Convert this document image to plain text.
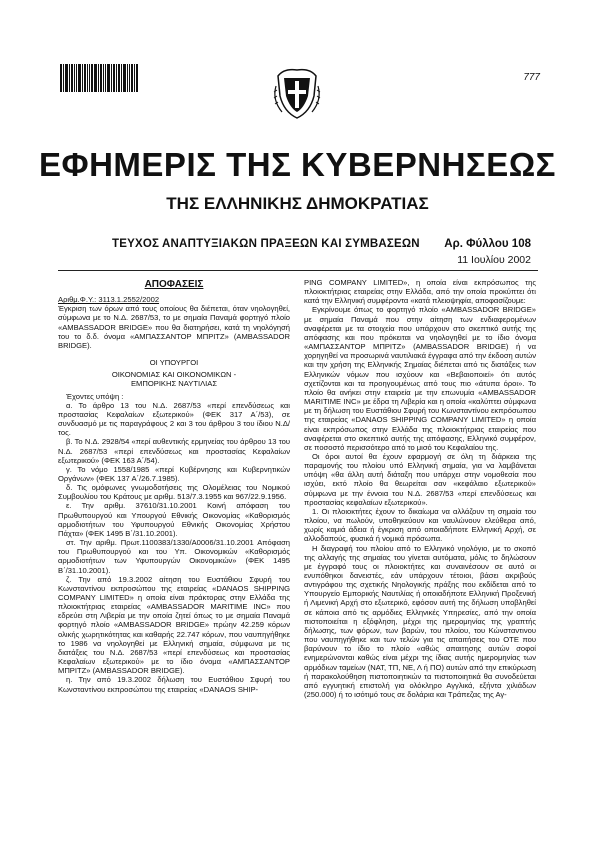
777
ΕΦΗΜΕΡΙΣ ΤΗΣ ΚΥΒΕΡΝΗΣΕΩΣ
ΤΗΣ ΕΛΛΗΝΙΚΗΣ ΔΗΜΟΚΡΑΤΙΑΣ
ΤΕΥΧΟΣ ΑΝΑΠΤΥΞΙΑΚΩΝ ΠΡΑΞΕΩΝ ΚΑΙ ΣΥΜΒΑΣΕΩΝ Αρ. Φύλλου 108
11 Ιουλίου 2002

ΑΠΟΦΑΣΕΙΣ

Αριθμ.Φ.Υ.: 3113.1.2552/2002

Έγκριση των όρων από τους οποίους θα διέπεται, όταν νηολογηθεί, σύμφωνα με το Ν.Δ. 2687/53, το με σημαία Παναμά φορτηγό πλοίο «AMBASSADOR BRIDGE» που θα διατηρήσει, κατά τη νηολόγησή του το δ.δ. όνομα «ΑΜΠΑΣΣΑΝΤΟΡ ΜΠΡΙΤΖ» (AMBASSADOR BRIDGE).

ΟΙ ΥΠΟΥΡΓΟΙ

ΟΙΚΟΝΟΜΙΑΣ ΚΑΙ ΟΙΚΟΝΟΜΙΚΩΝ -

ΕΜΠΟΡΙΚΗΣ ΝΑΥΤΙΛΙΑΣ

Έχοντες υπόψη :

α. Το άρθρο 13 του Ν.Δ. 2687/53 «περί επενδύσεως και προστασίας Κεφαλαίων εξωτερικού» (ΦΕΚ 317 Α΄/53), σε συνδυασμό με τις παραγράφους 2 και 3 του άρθρου 3 του ίδιου Ν.Δ/τος.

β. Το Ν.Δ. 2928/54 «περί αυθεντικής ερμηνείας του άρθρου 13 του Ν.Δ. 2687/53 «περί επενδύσεως και προστασίας Κεφαλαίων εξωτερικού» (ΦΕΚ 163 Α΄/54).

γ. Το νόμο 1558/1985 «περί Κυβέρνησης και Κυβερνητικών Οργάνων» (ΦΕΚ 137 Α΄/26.7.1985).

δ. Τις ομόφωνες γνωμοδοτήσεις της Ολομέλειας του Νομικού Συμβουλίου του Κράτους με αριθμ. 513/7.3.1955 και 967/22.9.1956.

ε. Την αριθμ. 37610/31.10.2001 Κοινή απόφαση του Πρωθυπουργού και Υπουργού Εθνικής Οικονομίας «Καθορισμός αρμοδιοτήτων του Υφυπουργού Εθνικής Οικονομίας Χρήστου Πάχτα» (ΦΕΚ 1495 Β΄/31.10.2001).

στ. Την αριθμ. Πρωτ.1100383/1330/Α0006/31.10.2001 Απόφαση του Πρωθυπουργού και του Υπ. Οικονομικών «Καθορισμός αρμοδιοτήτων των Υφυπουργών Οικονομικών» (ΦΕΚ 1495 Β΄/31.10.2001).

ζ. Την από 19.3.2002 αίτηση του Ευστάθιου Σφυρή του Κωνσταντίνου εκπροσώπου της εταιρείας «DANAOS SHIPPING COMPANY LIMITED» η οποία είναι πράκτορας στην Ελλάδα της πλοιοκτήτριας εταιρείας «AMBASSADOR MARITIME INC» που εδρεύει στη Λιβερία με την οποία ζητεί όπως το με σημαία Παναμά φορτηγό πλοίο «AMBASSADOR BRIDGE» πρώην 42.259 κόρων ολικής χωρητικότητας και καθαρής 22.747 κόρων, που ναυπηγήθηκε το 1986 να νηολογηθεί με Ελληνική σημαία, σύμφωνα με τις διατάξεις του Ν.Δ. 2687/53 «περί επενδύσεως και προστασίας Κεφαλαίων εξωτερικού» με το ίδιο όνομα «ΑΜΠΑΣΣΑΝΤΟΡ ΜΠΡΙΤΖ» (AMBASSADOR BRIDGE).

η. Την από 19.3.2002 δήλωση του Ευστάθιου Σφυρή του Κωνσταντίνου εκπροσώπου της εταιρείας «DANAOS SHIP-

PING COMPANY LIMITED», η οποία είναι εκπρόσωπος της πλοιοκτήτριας εταιρείας στην Ελλάδα, από την οποία προκύπτει ότι κατά την Ελληνική συμφέροντα «κατά πλειοψηφία, αποφασίζουμε:

Εγκρίνουμε όπως το φορτηγό πλοίο «AMBASSADOR BRIDGE» με σημαία Παναμά που στην αίτηση των ενδιαφερομένων αναφέρεται με τα στοιχεία που υπάρχουν στο σκεπτικό αυτής της απόφασης και που πρόκειται να νηολογηθεί με το ίδιο όνομα «ΑΜΠΑΣΣΑΝΤΟΡ ΜΠΡΙΤΖ» (AMBASSADOR BRIDGE) ή να χορηγηθεί να προσωρινά ναυτιλιακά έγγραφα από την έκδοση αυτών και την χρήση της Ελληνικής Σημαίας διέπεται από τις διατάξεις των Ελληνικών νόμων που ισχύουν και «Βεβαιοποιεί» ότι αυτός σχετίζονται και τα προηγουμένως από τους πιο «άτυπα όροι». Το πλοίο θα ανήκει στην εταιρεία με την επωνυμία «AMBASSADOR MARITIME INC» με έδρα τη Λιβερία και η οποία «καλύπτει σύμφωνα με τη δήλωση του Ευστάθιου Σφυρή του Κωνσταντίνου εκπρόσωπου της εταιρείας «DANAOS SHIPPING COMPANY LIMITED» η οποία είναι εκπρόσωπος στην Ελλάδα της πλοιοκτήτριας εταιρείας που αναφέρεται στο σκεπτικό αυτής της απόφασης, Ελληνικό συμφέρον, σε ποσοστό περισσότερο από το μισό του Κεφαλαίου της.

Οι όροι αυτοί θα έχουν εφαρμογή σε όλη τη διάρκεια της παραμονής του πλοίου υπό Ελληνική σημαία, για να λαμβάνεται υπόψη «θα άλλη αυτή διάταξη που υπάρχει στην νομοθεσία που ισχύει, εκτό πλοίο θα θεωρείται σαν «κεφάλαιο εξωτερικού» σύμφωνα με την έννοια του Ν.Δ. 2687/53 «περί επενδύσεως και προστασίας κεφαλαίων εξωτερικού».

1. Οι πλοιοκτήτες έχουν το δικαίωμα να αλλάζουν τη σημαία του πλοίου, να πωλούν, υποθηκεύουν και ναυλώνουν ελεύθερα από, χωρίς καμιά άδεια ή έγκριση από οποιαδήποτε Ελληνική Αρχή, σε αλλοδαπούς, φυσικά ή νομικά πρόσωπα.

Η διαγραφή του πλοίου από το Ελληνικό νηολόγιο, με το σκοπό της αλλαγής της σημαίας του γίνεται αυτόματα, μόλις το δηλώσουν με έγγραφό τους οι πλοιοκτήτες και συναινέσουν σε αυτό οι ενυπόθηκοι δανειστές, εάν υπάρχουν τέτοιοι, βάσει ακριβούς αντιγράφου της σχετικής Νηολογικής πράξης που εκδίδεται από το Υπουργείο Εμπορικής Ναυτιλίας ή οποιαδήποτε Ελληνική Προξενική ή Λιμενική Αρχή στο εξωτερικό, εφόσον αυτή της δήλωση υποβληθεί σε κάποια από τις αρμόδιες Ελληνικές Υπηρεσίες, από την οποία πιστοποιείται η εξόφληση, μέχρι της ημερομηνίας της γραπτής δήλωσης, των φόρων, των βαρών, του πλοίου, του Κώνσταντινου που ναυπηγήθηκε και των τελών για τις απαιτήσεις του ΟΤΕ που βαρύνουν το ίδιο το πλοίο «αθώς απαιτησης αυτών σοφοί ενημερώνονται καθώς είναι μέχρι της ίδιας αυτής ημερομηνίας των αρμόδιων ταμείων (ΝΑΤ, ΤΠ, ΝΕ, Λ ή ΠΟ) αυτών από την επικύρωση ή παρακολούθηση πιστοποιητικών τα πιστοποιητικά θα συνοδεύεται από εγγυητική επιστολή για ολόκληρο Αγγλικά, εξήντα χιλιάδων (250.000) ή το ισότιμό τους σε δολάρια και Τράπεζας της Αγ-
